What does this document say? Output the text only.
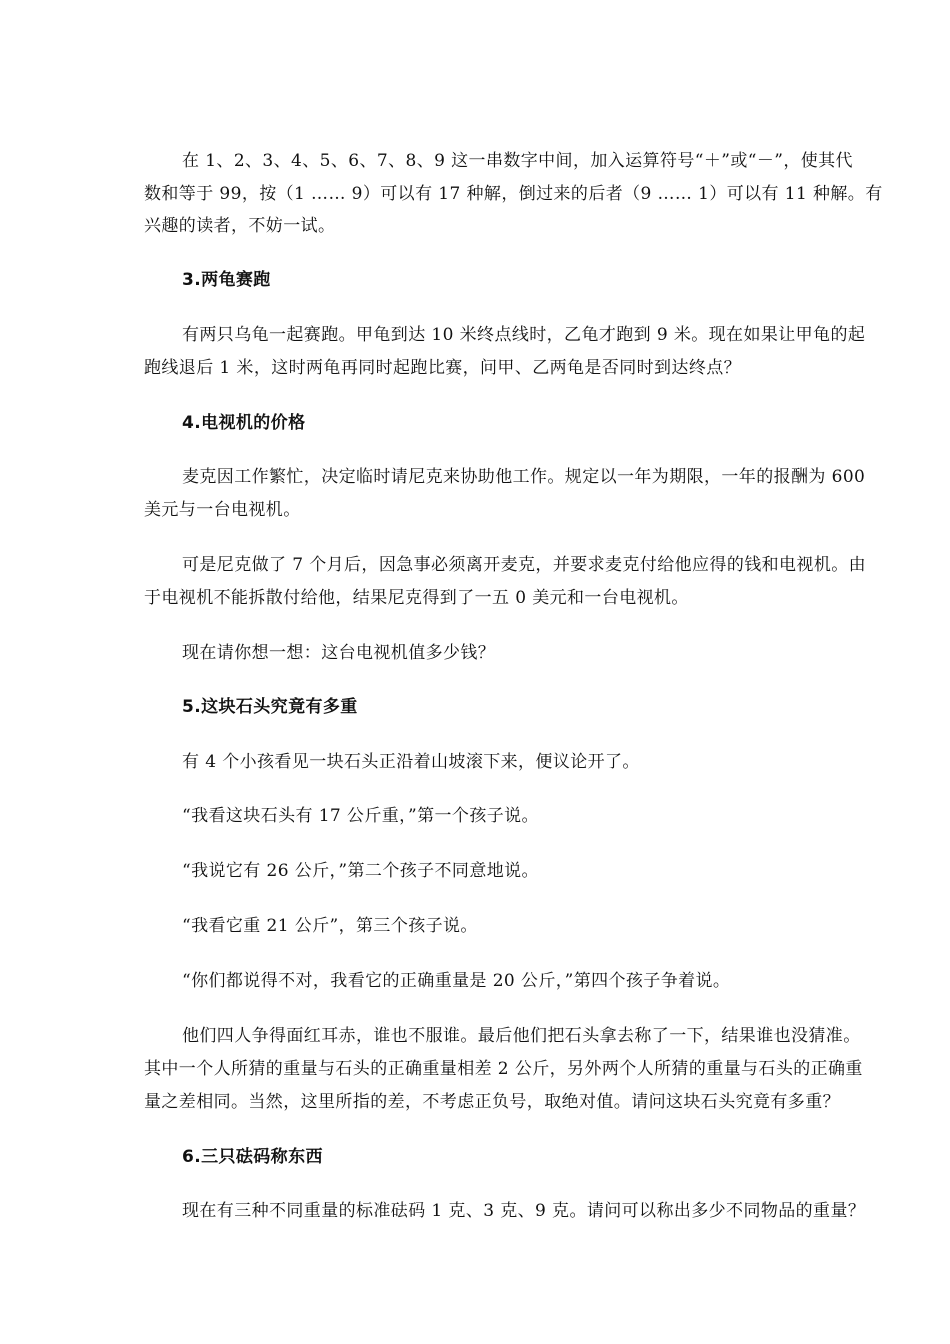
在 1、2、3、4、5、6、7、8、9 这一串数字中间，加入运算符号“＋”或“－”，使其代
数和等于 99，按（1 …… 9）可以有 17 种解，倒过来的后者（9 …… 1）可以有 11 种解。有
兴趣的读者，不妨一试。
3.两龟赛跑
有两只乌龟一起赛跑。甲龟到达 10 米终点线时，乙龟才跑到 9 米。现在如果让甲龟的起
跑线退后 1 米，这时两龟再同时起跑比赛，问甲、乙两龟是否同时到达终点？
4.电视机的价格
麦克因工作繁忙，决定临时请尼克来协助他工作。规定以一年为期限，一年的报酬为 600
美元与一台电视机。
可是尼克做了 7 个月后，因急事必须离开麦克，并要求麦克付给他应得的钱和电视机。由
于电视机不能拆散付给他，结果尼克得到了一五 0 美元和一台电视机。
现在请你想一想：这台电视机值多少钱？
5.这块石头究竟有多重
有 4 个小孩看见一块石头正沿着山坡滚下来，便议论开了。
“我看这块石头有 17 公斤重，”第一个孩子说。
“我说它有 26 公斤，”第二个孩子不同意地说。
“我看它重 21 公斤”，第三个孩子说。
“你们都说得不对，我看它的正确重量是 20 公斤，”第四个孩子争着说。
他们四人争得面红耳赤，谁也不服谁。最后他们把石头拿去称了一下，结果谁也没猜准。
其中一个人所猜的重量与石头的正确重量相差 2 公斤，另外两个人所猜的重量与石头的正确重
量之差相同。当然，这里所指的差，不考虑正负号，取绝对值。请问这块石头究竟有多重？
6.三只砝码称东西
现在有三种不同重量的标准砝码 1 克、3 克、9 克。请问可以称出多少不同物品的重量？
